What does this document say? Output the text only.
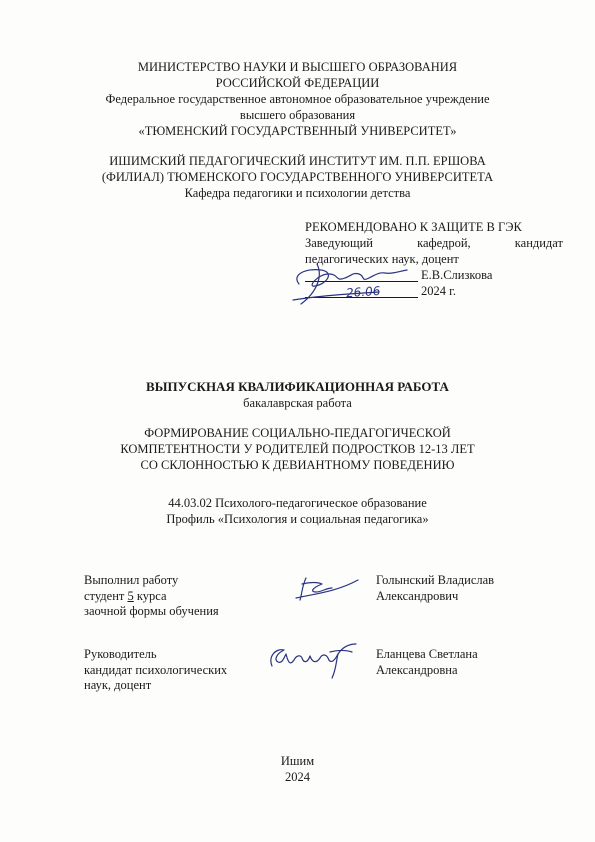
МИНИСТЕРСТВО НАУКИ И ВЫСШЕГО ОБРАЗОВАНИЯ
РОССИЙСКОЙ ФЕДЕРАЦИИ
Федеральное государственное автономное образовательное учреждение
высшего образования
«ТЮМЕНСКИЙ ГОСУДАРСТВЕННЫЙ УНИВЕРСИТЕТ»
ИШИМСКИЙ ПЕДАГОГИЧЕСКИЙ ИНСТИТУТ ИМ. П.П. ЕРШОВА
(ФИЛИАЛ) ТЮМЕНСКОГО ГОСУДАРСТВЕННОГО УНИВЕРСИТЕТА
Кафедра педагогики и психологии детства
РЕКОМЕНДОВАНО К ЗАЩИТЕ В ГЭК
Заведующий	кафедрой,	кандидат
педагогических наук, доцент
Е.В.Слизкова
2024 г.
26.06
ВЫПУСКНАЯ КВАЛИФИКАЦИОННАЯ РАБОТА
бакалаврская работа
ФОРМИРОВАНИЕ СОЦИАЛЬНО-ПЕДАГОГИЧЕСКОЙ
КОМПЕТЕНТНОСТИ У РОДИТЕЛЕЙ ПОДРОСТКОВ 12-13 ЛЕТ
СО СКЛОННОСТЬЮ К ДЕВИАНТНОМУ ПОВЕДЕНИЮ
44.03.02 Психолого-педагогическое образование
Профиль «Психология и социальная педагогика»
Выполнил работу
студент 5 курса
заочной формы обучения
Голынский Владислав
Александрович
Руководитель
кандидат психологических
наук, доцент
Еланцева Светлана
Александровна
Ишим
2024
